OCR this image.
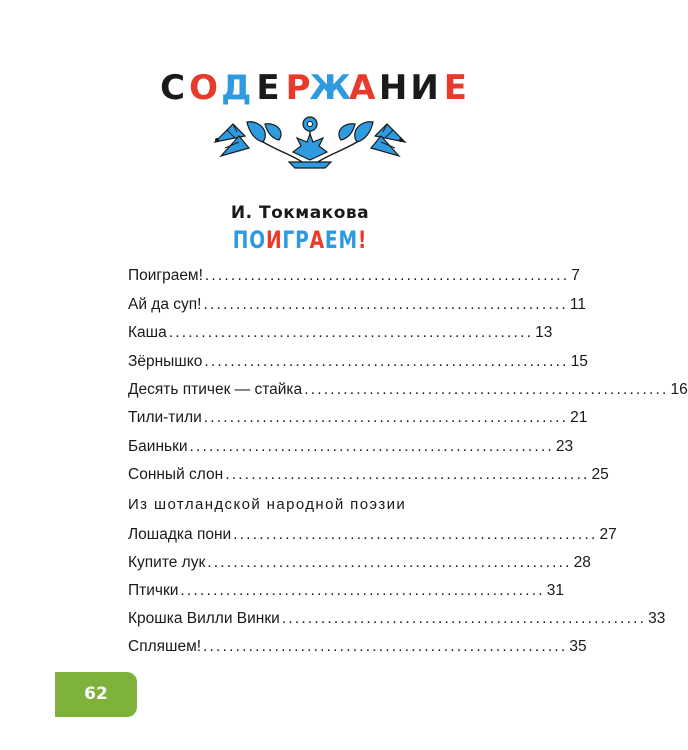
С О Д Е Р
Ж
А Н И Е
И. Токмакова
ПОИГРАЕМ!
Поиграем! ........................................................ 7
Ай да суп! ........................................................ 11
Каша ........................................................ 13
Зёрнышко ........................................................ 15
Десять птичек — стайка ........................................................ 16
Тили-тили ........................................................ 21
Баиньки ........................................................ 23
Сонный слон ........................................................ 25
Из шотландской народной поэзии
Лошадка пони ........................................................ 27
Купите лук ........................................................ 28
Птички ........................................................ 31
Крошка Вилли Винки ........................................................ 33
Спляшем! ........................................................ 35
62
